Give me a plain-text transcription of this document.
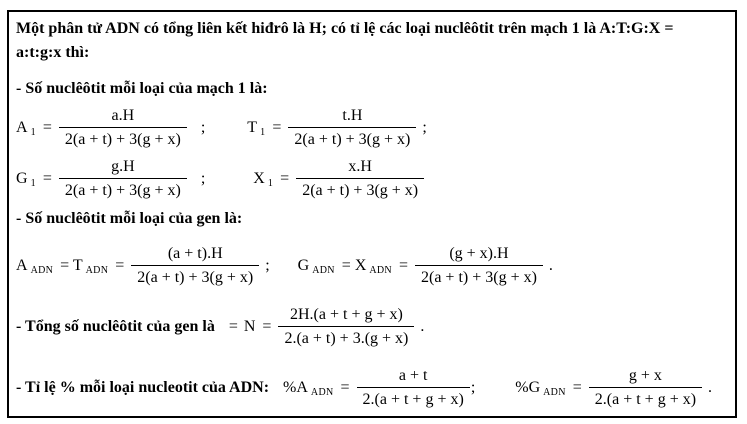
Một phân tử ADN có tổng liên kết hiđrô là H; có tỉ lệ các loại nuclêôtit trên mạch 1 là A:T:G:X =
a:t:g:x thì:
- Số nuclêôtit mỗi loại của mạch 1 là:
A $1 = \frac{a.H}{2(a + t) + 3(g + x)}$ ;	T $1 = \frac{t.H}{2(a + t) + 3(g + x)}$ ;
G $1 = \frac{g.H}{2(a + t) + 3(g + x)}$ ;	X $1 = \frac{x.H}{2(a + t) + 3(g + x)}$
- Số nuclêôtit mỗi loại của gen là:
A ADN = T ADN = $\frac{(a + t).H}{2(a + t) + 3(g + x)}$ ; G ADN = X ADN = $\frac{(g + x).H}{2(a + t) + 3(g + x)}$ .
- Tổng số nuclêôtit của gen là = $N = \frac{2H.(a + t + g + x)}{2.(a + t) + 3.(g + x)}$ .
- Tỉ lệ % mỗi loại nucleotit của ADN: %A ADN = $\frac{a + t}{2.(a + t + g + x)}$ ;	%G ADN = $\frac{g + x}{2.(a + t + g + x)}$ .
